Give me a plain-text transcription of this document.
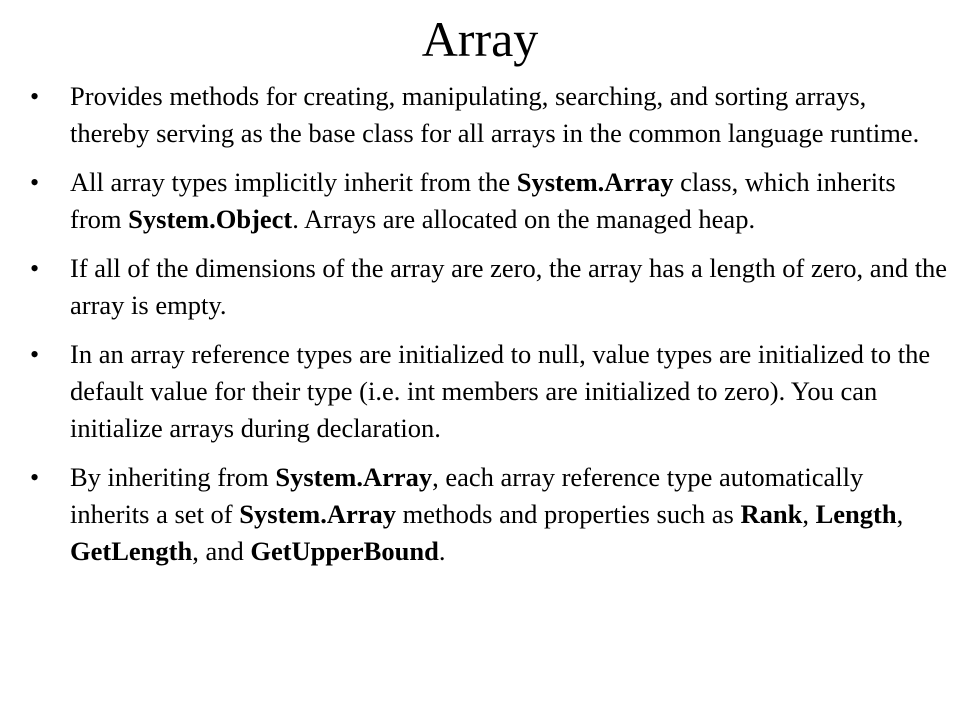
Array
• Provides methods for creating, manipulating, searching, and sorting arrays, thereby serving as the base class for all arrays in the common language runtime.
• All array types implicitly inherit from the System.Array class, which inherits from System.Object. Arrays are allocated on the managed heap.
• If all of the dimensions of the array are zero, the array has a length of zero, and the array is empty.
• In an array reference types are initialized to null, value types are initialized to the default value for their type (i.e. int members are initialized to zero). You can initialize arrays during declaration.
• By inheriting from System.Array, each array reference type automatically inherits a set of System.Array methods and properties such as Rank, Length, GetLength, and GetUpperBound.
